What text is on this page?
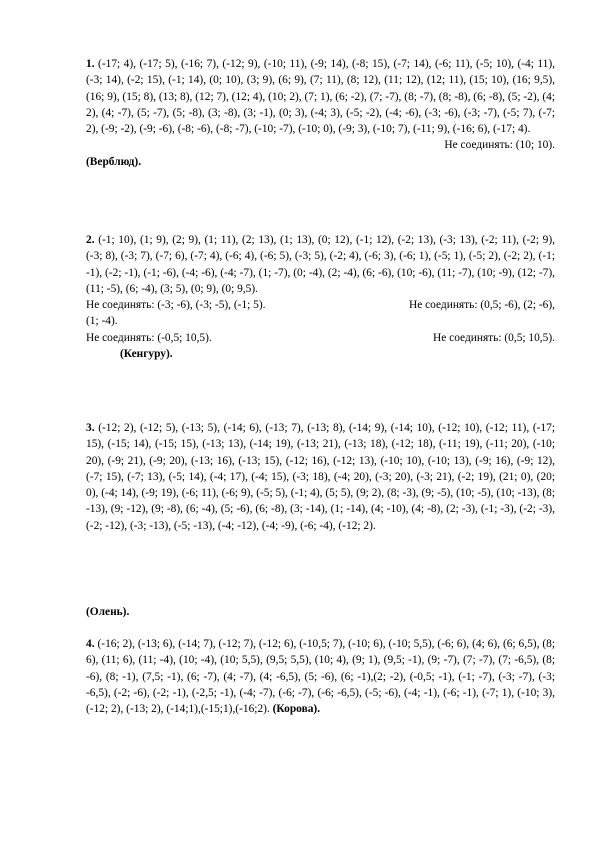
1. (-17; 4), (-17; 5), (-16; 7), (-12; 9), (-10; 11), (-9; 14), (-8; 15), (-7; 14), (-6; 11), (-5; 10), (-4; 11), (-3; 14), (-2; 15), (-1; 14), (0; 10), (3; 9), (6; 9), (7; 11), (8; 12), (11; 12), (12; 11), (15; 10), (16; 9,5), (16; 9), (15; 8), (13; 8), (12; 7), (12; 4), (10; 2), (7; 1), (6; -2), (7; -7), (8; -7), (8; -8), (6; -8), (5; -2), (4; 2), (4; -7), (5; -7), (5; -8), (3; -8), (3; -1), (0; 3), (-4; 3), (-5; -2), (-4; -6), (-3; -6), (-3; -7), (-5; 7), (-7; 2), (-9; -2), (-9; -6), (-8; -6), (-8; -7), (-10; -7), (-10; 0), (-9; 3), (-10; 7), (-11; 9), (-16; 6), (-17; 4).

Не соединять: (10; 10).

(Верблюд).

2. (-1; 10), (1; 9), (2; 9), (1; 11), (2; 13), (1; 13), (0; 12), (-1; 12), (-2; 13), (-3; 13), (-2; 11), (-2; 9), (-3; 8), (-3; 7), (-7; 6), (-7; 4), (-6; 4), (-6; 5), (-3; 5), (-2; 4), (-6; 3), (-6; 1), (-5; 1), (-5; 2), (-2; 2), (-1; -1), (-2; -1), (-1; -6), (-4; -6), (-4; -7), (1; -7), (0; -4), (2; -4), (6; -6), (10; -6), (11; -7), (10; -9), (12; -7), (11; -5), (6; -4), (3; 5), (0; 9), (0; 9,5).

Не соединять: (-3; -6), (-3; -5), (-1; 5).	Не соединять: (0,5; -6), (2; -6),

(1; -4).

Не соединять: (-0,5; 10,5).	Не соединять: (0,5; 10,5).

(Кенгуру).

3. (-12; 2), (-12; 5), (-13; 5), (-14; 6), (-13; 7), (-13; 8), (-14; 9), (-14; 10), (-12; 10), (-12; 11), (-17; 15), (-15; 14), (-15; 15), (-13; 13), (-14; 19), (-13; 21), (-13; 18), (-12; 18), (-11; 19), (-11; 20), (-10; 20), (-9; 21), (-9; 20), (-13; 16), (-13; 15), (-12; 16), (-12; 13), (-10; 10), (-10; 13), (-9; 16), (-9; 12), (-7; 15), (-7; 13), (-5; 14), (-4; 17), (-4; 15), (-3; 18), (-4; 20), (-3; 20), (-3; 21), (-2; 19), (21; 0), (20; 0), (-4; 14), (-9; 19), (-6; 11), (-6; 9), (-5; 5), (-1; 4), (5; 5), (9; 2), (8; -3), (9; -5), (10; -5), (10; -13), (8; -13), (9; -12), (9; -8), (6; -4), (5; -6), (6; -8), (3; -14), (1; -14), (4; -10), (4; -8), (2; -3), (-1; -3), (-2; -3), (-2; -12), (-3; -13), (-5; -13), (-4; -12), (-4; -9), (-6; -4), (-12; 2).

(Олень).

4. (-16; 2), (-13; 6), (-14; 7), (-12; 7), (-12; 6), (-10,5; 7), (-10; 6), (-10; 5,5), (-6; 6), (4; 6), (6; 6,5), (8; 6), (11; 6), (11; -4), (10; -4), (10; 5,5), (9,5; 5,5), (10; 4), (9; 1), (9,5; -1), (9; -7), (7; -7), (7; -6,5), (8; -6), (8; -1), (7,5; -1), (6; -7), (4; -7), (4; -6,5), (5; -6), (6; -1),(2; -2), (-0,5; -1), (-1; -7), (-3; -7), (-3; -6,5), (-2; -6), (-2; -1), (-2,5; -1), (-4; -7), (-6; -7), (-6; -6,5), (-5; -6), (-4; -1), (-6; -1), (-7; 1), (-10; 3), (-12; 2), (-13; 2), (-14;1),(-15;1),(-16;2). (Корова).
